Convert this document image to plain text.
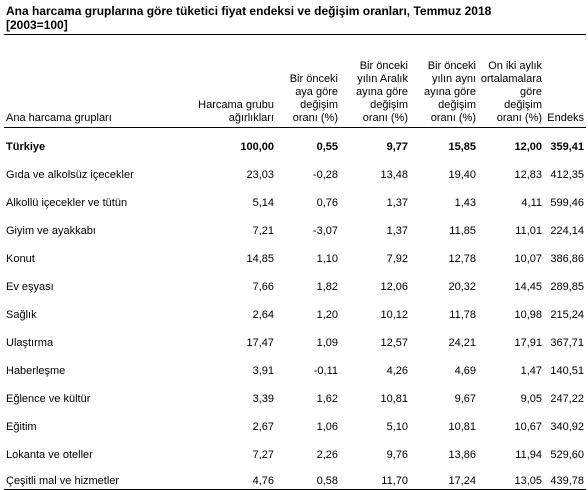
Ana harcama gruplarına göre tüketici fiyat endeksi ve değişim oranları, Temmuz 2018
[2003=100]
Ana harcama grupları	Harcama grubu ağırlıkları	Bir önceki aya göre değişim oranı (%)	Bir önceki yılın Aralık ayına göre değişim oranı (%)	Bir önceki yılın aynı ayına göre değişim oranı (%)	On iki aylık ortalamalara göre değişim oranı (%)	Endeks
Türkiye	100,00	0,55	9,77	15,85	12,00	359,41
Gıda ve alkolsüz içecekler	23,03	-0,28	13,48	19,40	12,83	412,35
Alkollü içecekler ve tütün	5,14	0,76	1,37	1,43	4,11	599,46
Giyim ve ayakkabı	7,21	-3,07	1,37	11,85	11,01	224,14
Konut	14,85	1,10	7,92	12,78	10,07	386,86
Ev eşyası	7,66	1,82	12,06	20,32	14,45	289,85
Sağlık	2,64	1,20	10,12	11,78	10,98	215,24
Ulaştırma	17,47	1,09	12,57	24,21	17,91	367,71
Haberleşme	3,91	-0,11	4,26	4,69	1,47	140,51
Eğlence ve kültür	3,39	1,62	10,81	9,67	9,05	247,22
Eğitim	2,67	1,06	5,10	10,81	10,67	340,92
Lokanta ve oteller	7,27	2,26	9,76	13,86	11,94	529,60
Çeşitli mal ve hizmetler	4,76	0,58	11,70	17,24	13,05	439,78
